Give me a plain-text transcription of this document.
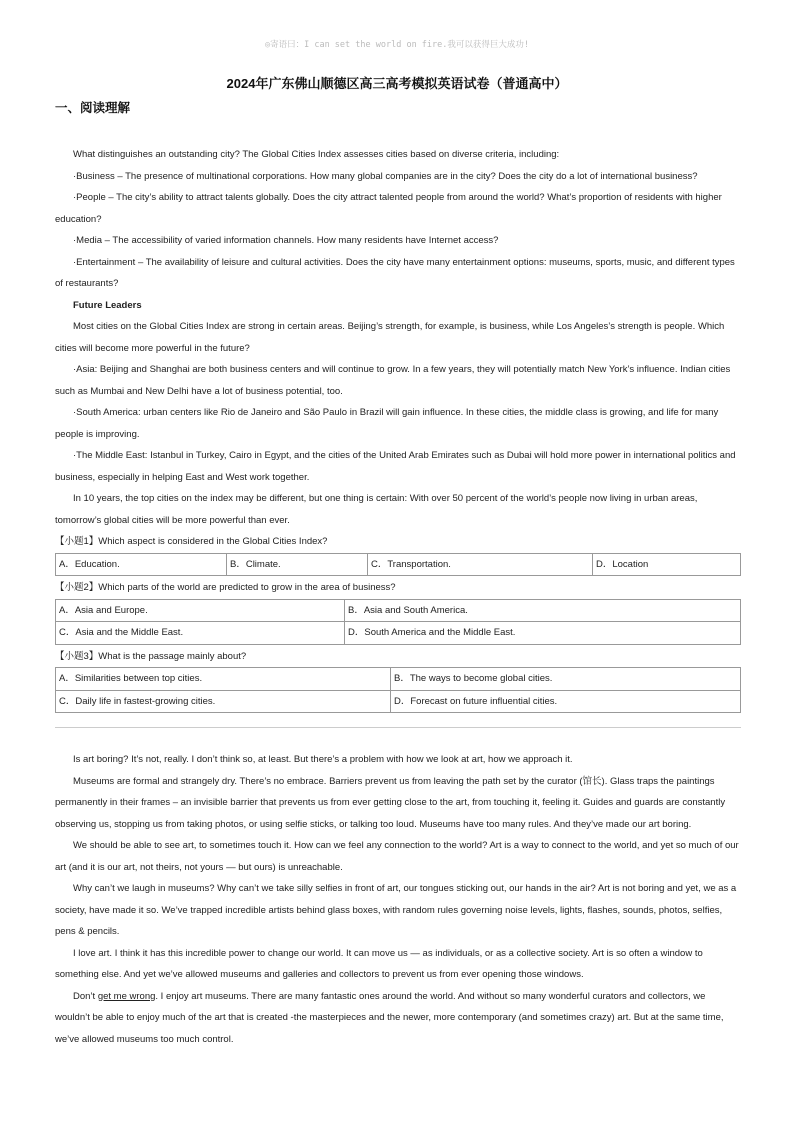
◎寄语曰：I can set the world on fire.我可以获得巨大成功!
2024年广东佛山顺德区高三高考模拟英语试卷（普通高中）
一、阅读理解

What distinguishes an outstanding city? The Global Cities Index assesses cities based on diverse criteria, including:

·Business – The presence of multinational corporations. How many global companies are in the city? Does the city do a lot of international business?

·People – The city’s ability to attract talents globally. Does the city attract talented people from around the world? What’s proportion of residents with higher education?

·Media – The accessibility of varied information channels. How many residents have Internet access?

·Entertainment – The availability of leisure and cultural activities. Does the city have many entertainment options: museums, sports, music, and different types of restaurants?

Future Leaders

Most cities on the Global Cities Index are strong in certain areas. Beijing’s strength, for example, is business, while Los Angeles’s strength is people. Which cities will become more powerful in the future?

·Asia: Beijing and Shanghai are both business centers and will continue to grow. In a few years, they will potentially match New York’s influence. Indian cities such as Mumbai and New Delhi have a lot of business potential, too.

·South America: urban centers like Rio de Janeiro and São Paulo in Brazil will gain influence. In these cities, the middle class is growing, and life for many people is improving.

·The Middle East: Istanbul in Turkey, Cairo in Egypt, and the cities of the United Arab Emirates such as Dubai will hold more power in international politics and business, especially in helping East and West work together.

In 10 years, the top cities on the index may be different, but one thing is certain: With over 50 percent of the world’s people now living in urban areas, tomorrow’s global cities will be more powerful than ever.

【小题1】Which aspect is considered in the Global Cities Index?

A．Education.	B．Climate.	C．Transportation.	D．Location

【小题2】Which parts of the world are predicted to grow in the area of business?

A．Asia and Europe.	B．Asia and South America.
C．Asia and the Middle East.	D．South America and the Middle East.

【小题3】What is the passage mainly about?

A．Similarities between top cities.	B．The ways to become global cities.
C．Daily life in fastest-growing cities.	D．Forecast on future influential cities.

Is art boring? It’s not, really. I don’t think so, at least. But there’s a problem with how we look at art, how we approach it.

Museums are formal and strangely dry. There’s no embrace. Barriers prevent us from leaving the path set by the curator (馆长). Glass traps the paintings permanently in their frames – an invisible barrier that prevents us from ever getting close to the art, from touching it, feeling it. Guides and guards are constantly observing us, stopping us from taking photos, or using selfie sticks, or talking too loud. Museums have too many rules. And they’ve made our art boring.

We should be able to see art, to sometimes touch it. How can we feel any connection to the world? Art is a way to connect to the world, and yet so much of our art (and it is our art, not theirs, not yours — but ours) is unreachable.

Why can’t we laugh in museums? Why can’t we take silly selfies in front of art, our tongues sticking out, our hands in the air? Art is not boring and yet, we as a society, have made it so. We’ve trapped incredible artists behind glass boxes, with random rules governing noise levels, lights, flashes, sounds, photos, selfies, pens & pencils.

I love art. I think it has this incredible power to change our world. It can move us — as individuals, or as a collective society. Art is so often a window to something else. And yet we’ve allowed museums and galleries and collectors to prevent us from ever opening those windows.

Don’t get me wrong. I enjoy art museums. There are many fantastic ones around the world. And without so many wonderful curators and collectors, we wouldn’t be able to enjoy much of the art that is created -the masterpieces and the newer, more contemporary (and sometimes crazy) art. But at the same time, we’ve allowed museums too much control.
